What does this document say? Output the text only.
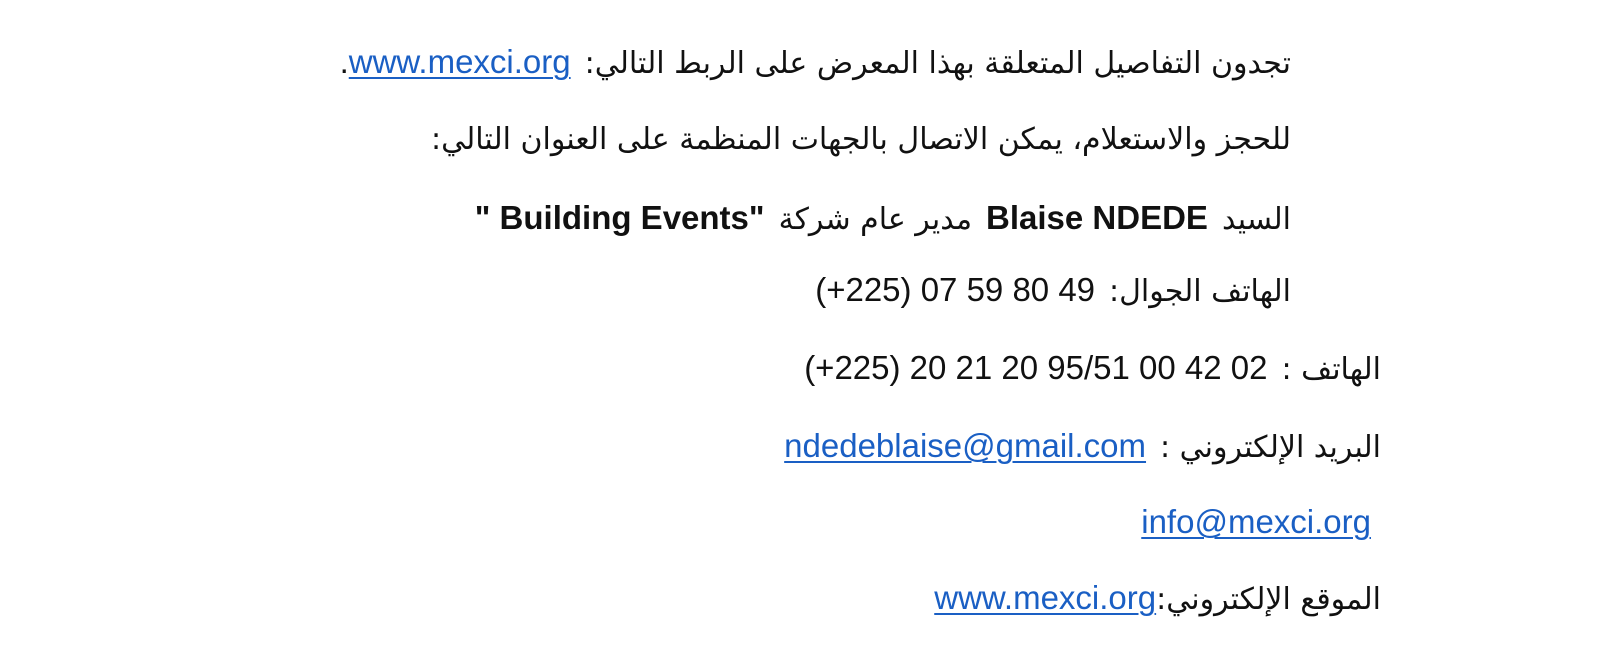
تجدون التفاصيل المتعلقة بهذا المعرض على الربط التالي:www.mexci.org.
للحجز والاستعلام، يمكن الاتصال بالجهات المنظمة على العنوان التالي:
السيدBlaise NDEDEمدير عام شركة" Building Events"
الهاتف الجوال:(+225) 07 59 80 49
الهاتف :(+225) 20 21 20 95/51 00 42 02
البريد الإلكتروني :ndedeblaise@gmail.com
info@mexci.org
الموقع الإلكتروني:www.mexci.org
